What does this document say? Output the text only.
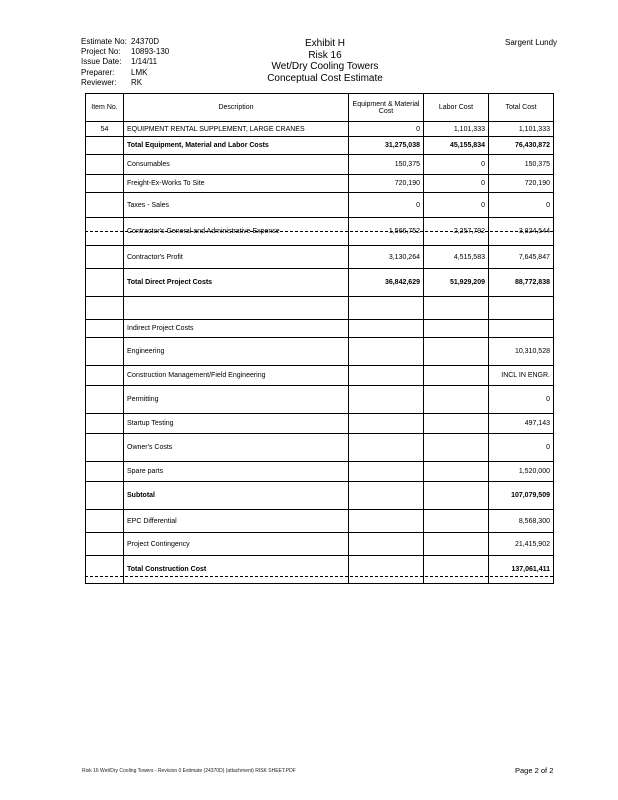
Estimate No: 24370D
Project No:	10893-130
Issue Date:	1/14/11
Preparer:	LMK
Reviewer:	RK
Exhibit H
Risk 16
Wet/Dry Cooling Towers
Conceptual Cost Estimate
Sargent Lundy
Item No.	Description	Equipment & Material Cost	Labor Cost	Total Cost
54	EQUIPMENT RENTAL SUPPLEMENT, LARGE CRANES	0	1,101,333	1,101,333
	Total Equipment, Material and Labor Costs	31,275,038	45,155,834	76,430,872
	Consumables	150,375	0	150,375
	Freight-Ex-Works To Site	720,190	0	720,190
	Taxes - Sales	0	0	0
	Contractor's General and Administrative Expense	1,566,752	2,257,792	3,824,544
	Contractor's Profit	3,130,264	4,515,583	7,645,847
	Total Direct Project Costs	36,842,629	51,929,209	88,772,838

	Indirect Project Costs			
	Engineering			10,310,528
	Construction Management/Field Engineering			INCL IN ENGR.
	Permitting			0
	Startup Testing			497,143
	Owner's Costs			0
	Spare parts			1,520,000
	Subtotal			107,079,509
	EPC Differential			8,568,300
	Project Contingency			21,415,902
	Total Construction Cost			137,061,411
Risk 16 Wet/Dry Cooling Towers - Revision 0 Estimate (24370D) (attachment) RISK SHEET.PDF	Page 2 of 2
